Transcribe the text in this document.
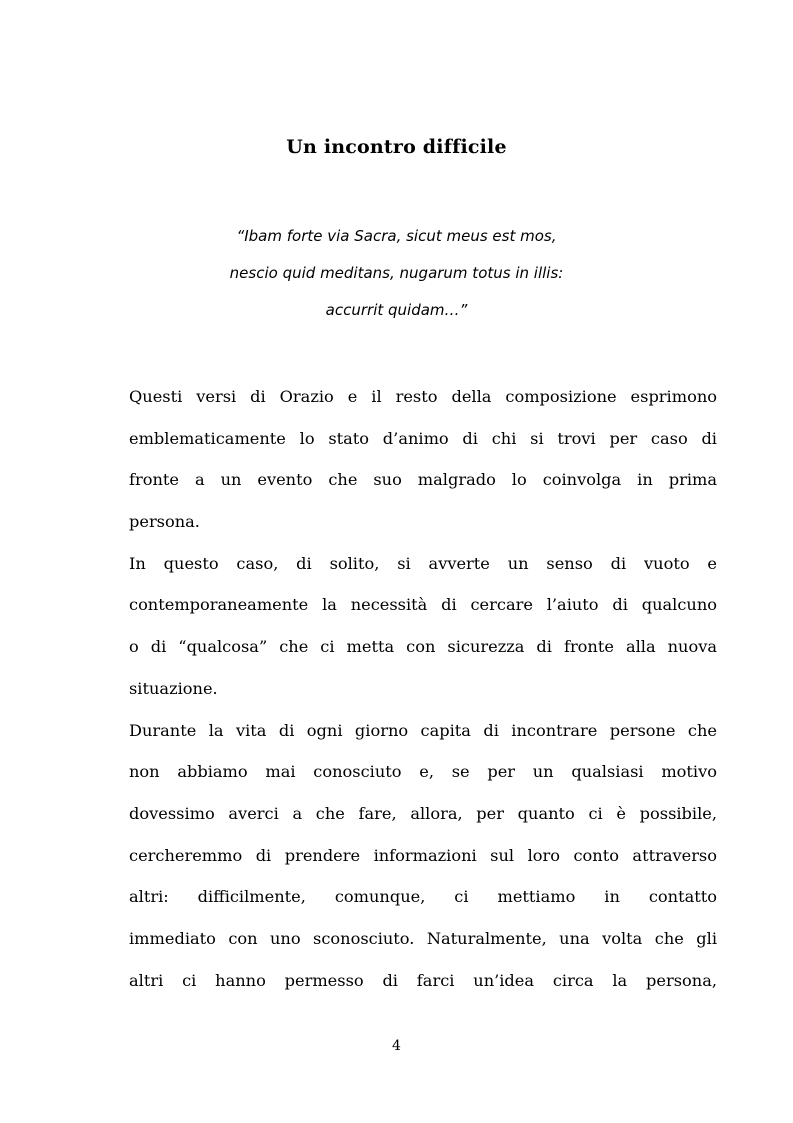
Un incontro difficile
“Ibam forte via Sacra, sicut meus est mos,
nescio quid meditans, nugarum totus in illis:
accurrit quidam…”
Questi versi di Orazio e il resto della composizione esprimono
emblematicamente lo stato d’animo di chi si trovi per caso di
fronte a un evento che suo malgrado lo coinvolga in prima
persona.
In questo caso, di solito, si avverte un senso di vuoto e
contemporaneamente la necessità di cercare l’aiuto di qualcuno
o di “qualcosa” che ci metta con sicurezza di fronte alla nuova
situazione.
Durante la vita di ogni giorno capita di incontrare persone che
non abbiamo mai conosciuto e, se per un qualsiasi motivo
dovessimo averci a che fare, allora, per quanto ci è possibile,
cercheremmo di prendere informazioni sul loro conto attraverso
altri: difficilmente, comunque, ci mettiamo in contatto
immediato con uno sconosciuto. Naturalmente, una volta che gli
altri ci hanno permesso di farci un’idea circa la persona,
4
